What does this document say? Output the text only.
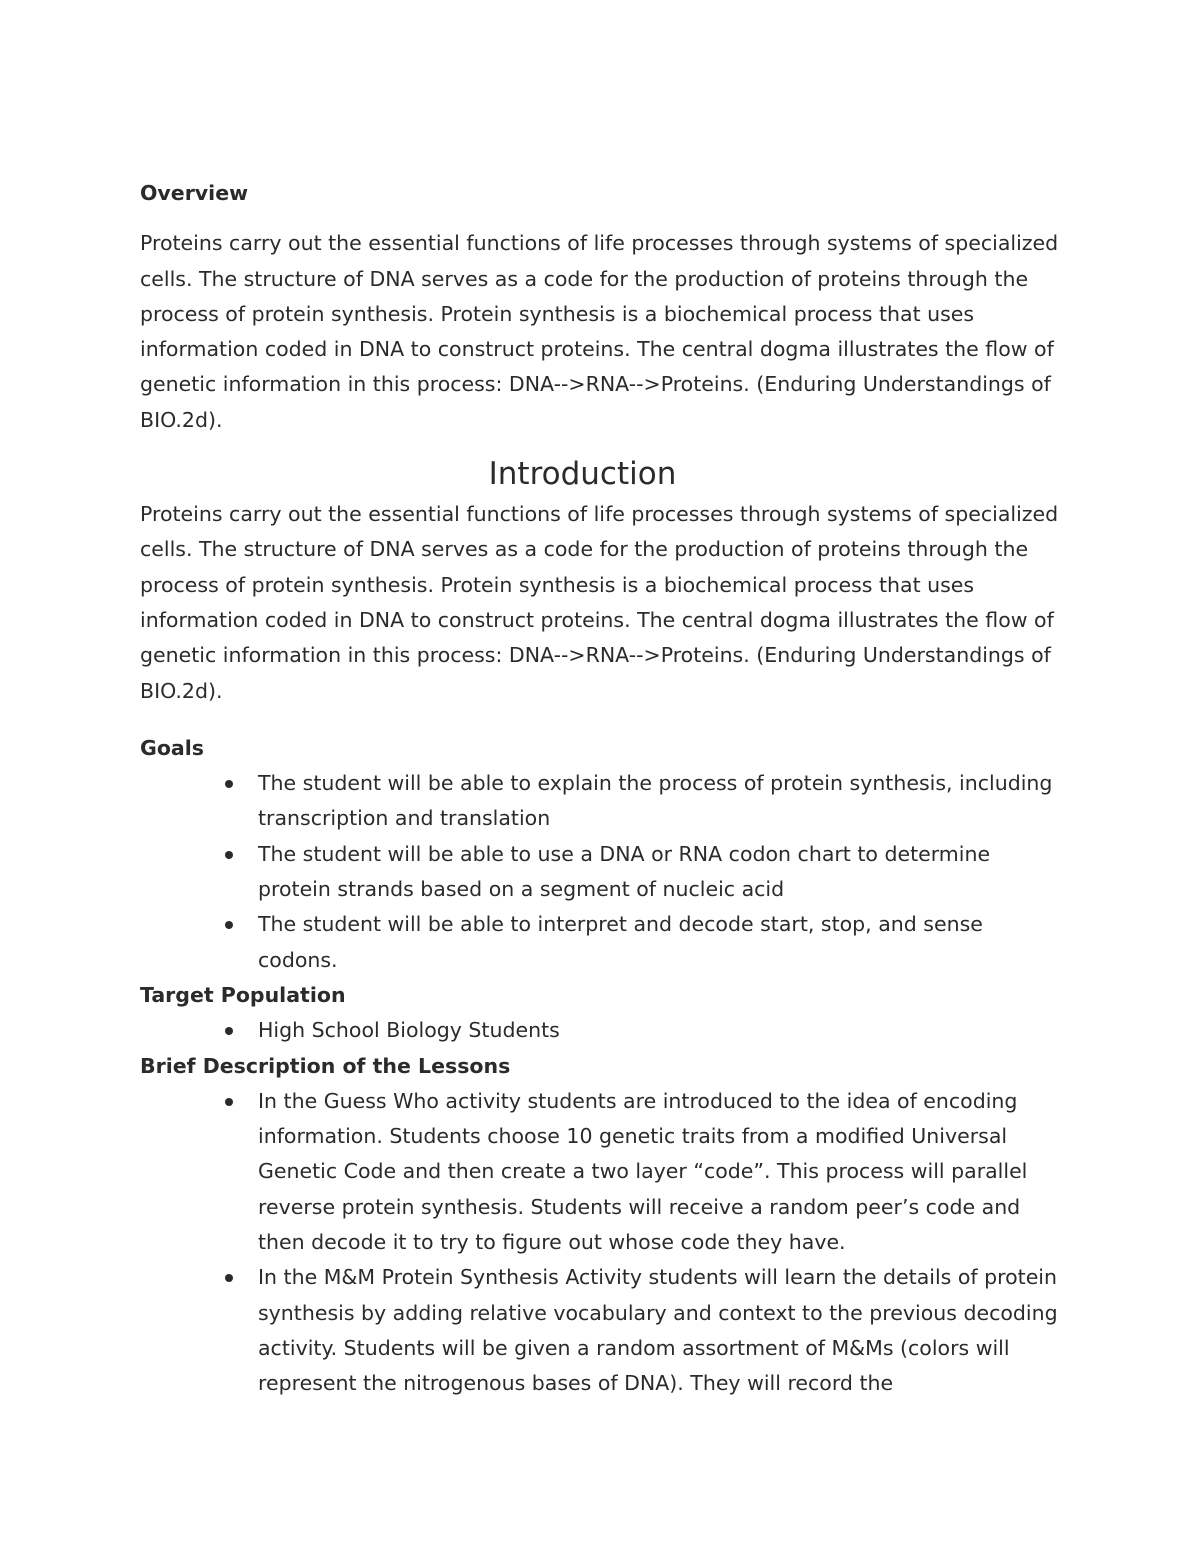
Overview

Proteins carry out the essential functions of life processes through systems of specialized cells. The structure of DNA serves as a code for the production of proteins through the process of protein synthesis. Protein synthesis is a biochemical process that uses information coded in DNA to construct proteins. The central dogma illustrates the flow of genetic information in this process: DNA-->RNA-->Proteins. (Enduring Understandings of BIO.2d).

Introduction

Proteins carry out the essential functions of life processes through systems of specialized cells. The structure of DNA serves as a code for the production of proteins through the process of protein synthesis. Protein synthesis is a biochemical process that uses information coded in DNA to construct proteins. The central dogma illustrates the flow of genetic information in this process: DNA-->RNA-->Proteins. (Enduring Understandings of BIO.2d).

Goals

The student will be able to explain the process of protein synthesis, including transcription and translation
The student will be able to use a DNA or RNA codon chart to determine protein strands based on a segment of nucleic acid
The student will be able to interpret and decode start, stop, and sense codons.

Target Population

High School Biology Students

Brief Description of the Lessons

In the Guess Who activity students are introduced to the idea of encoding information. Students choose 10 genetic traits from a modified Universal Genetic Code and then create a two layer “code”. This process will parallel reverse protein synthesis. Students will receive a random peer’s code and then decode it to try to figure out whose code they have.
In the M&M Protein Synthesis Activity students will learn the details of protein synthesis by adding relative vocabulary and context to the previous decoding activity. Students will be given a random assortment of M&Ms (colors will represent the nitrogenous bases of DNA). They will record the
